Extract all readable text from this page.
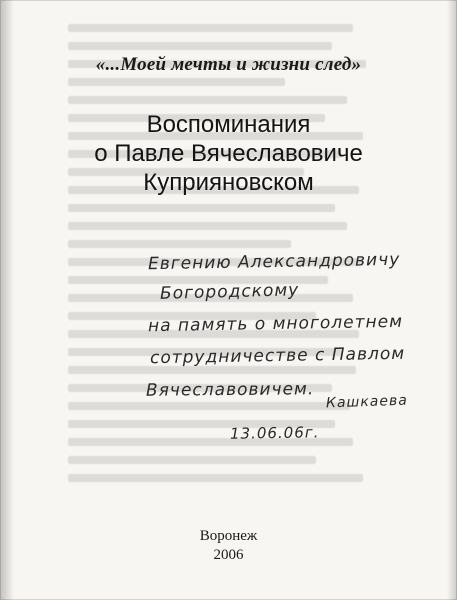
«...Моей мечты и жизни след»
Воспоминания
о Павле Вячеславовиче
Куприяновском
Евгению Александровичу
Богородскому
на память о многолетнем
сотрудничестве с Павлом
Вячеславовичем.
Кашкаева
13.06.06г.
Воронеж
2006
